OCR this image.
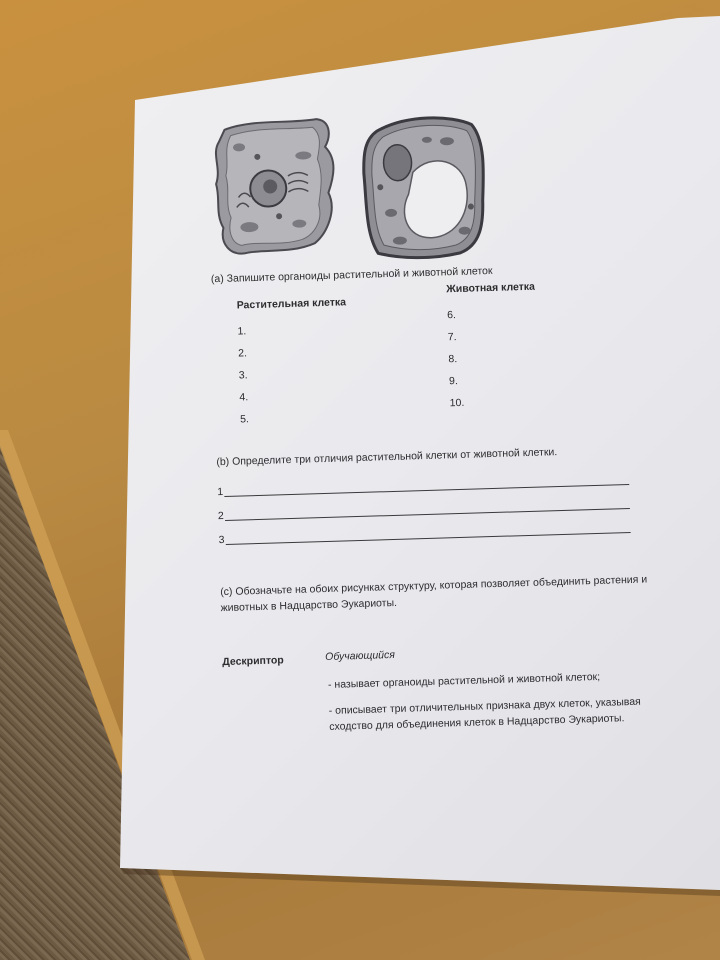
(а) Запишите органоиды растительной и животной клеток
Растительная клетка
Животная клетка
1.
2.
3.
4.
5.
6.
7.
8.
9.
10.
(b) Определите три отличия растительной клетки от животной клетки.
1
2
3
(с) Обозначьте на обоих рисунках структуру, которая позволяет объединить растения и
животных в Надцарство Эукариоты.
Дескриптор	Обучающийся
- называет органоиды растительной и животной клеток;
- описывает три отличительных признака двух клеток, указывая
сходство для объединения клеток в Надцарство Эукариоты.
